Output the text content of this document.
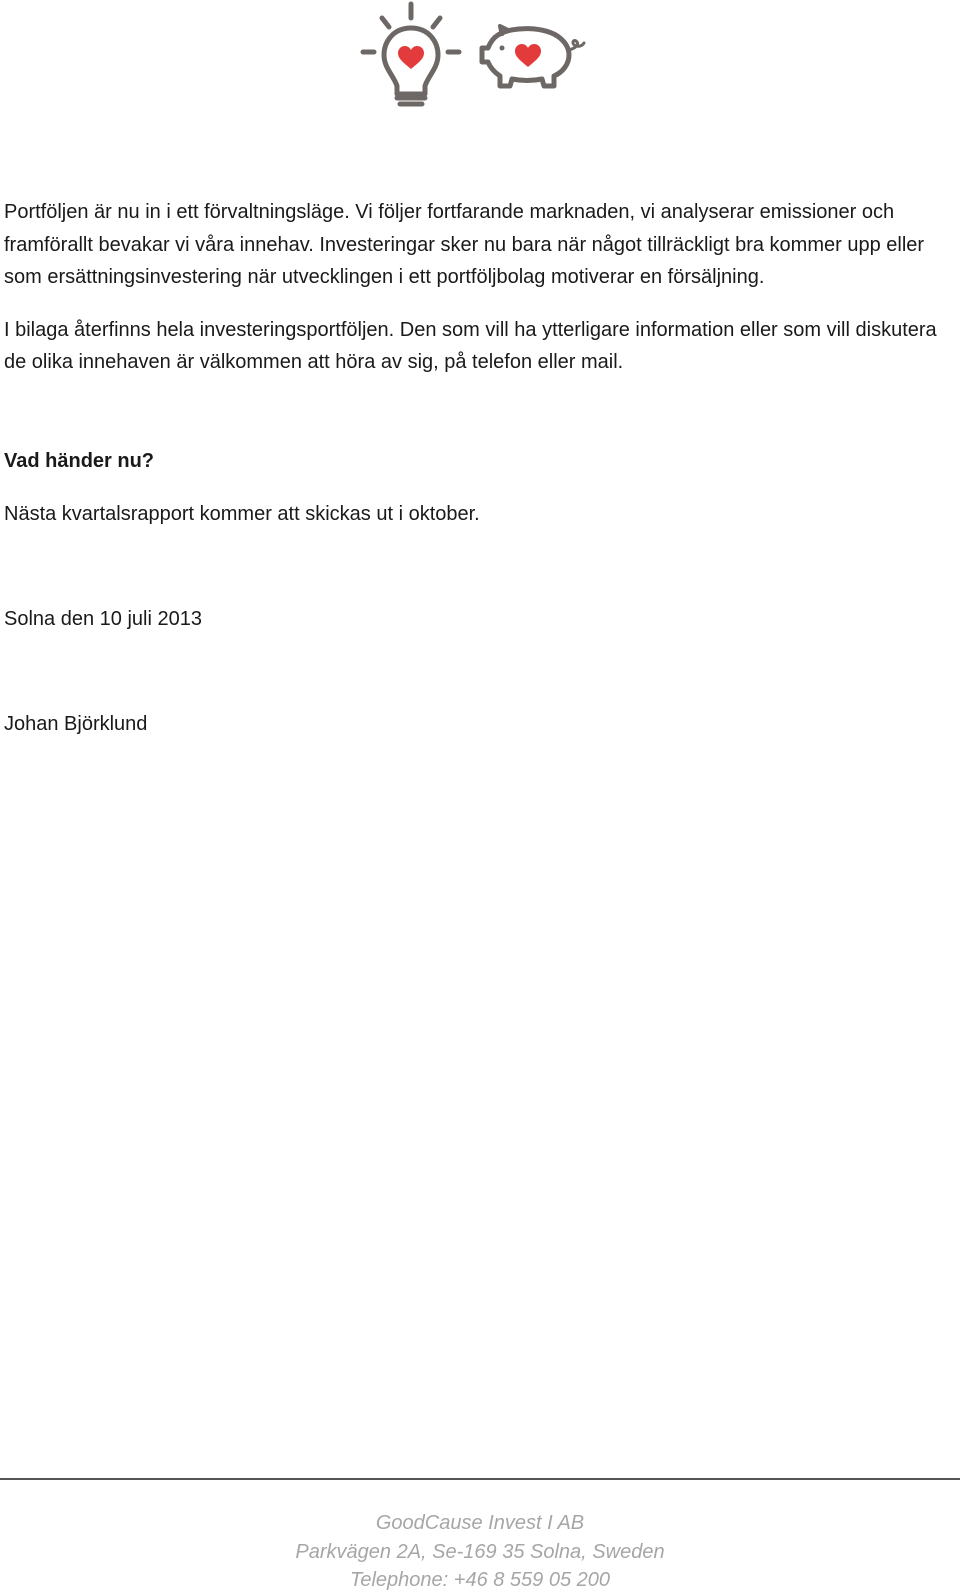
Portföljen är nu in i ett förvaltningsläge. Vi följer fortfarande marknaden, vi analyserar emissioner och framförallt bevakar vi våra innehav. Investeringar sker nu bara när något tillräckligt bra kommer upp eller som ersättningsinvestering när utvecklingen i ett portföljbolag motiverar en försäljning.

I bilaga återfinns hela investeringsportföljen. Den som vill ha ytterligare information eller som vill diskutera de olika innehaven är välkommen att höra av sig, på telefon eller mail.

Vad händer nu?

Nästa kvartalsrapport kommer att skickas ut i oktober.

Solna den 10 juli 2013

Johan Björklund

GoodCause Invest I AB
Parkvägen 2A, Se-169 35 Solna, Sweden
Telephone: +46 8 559 05 200
